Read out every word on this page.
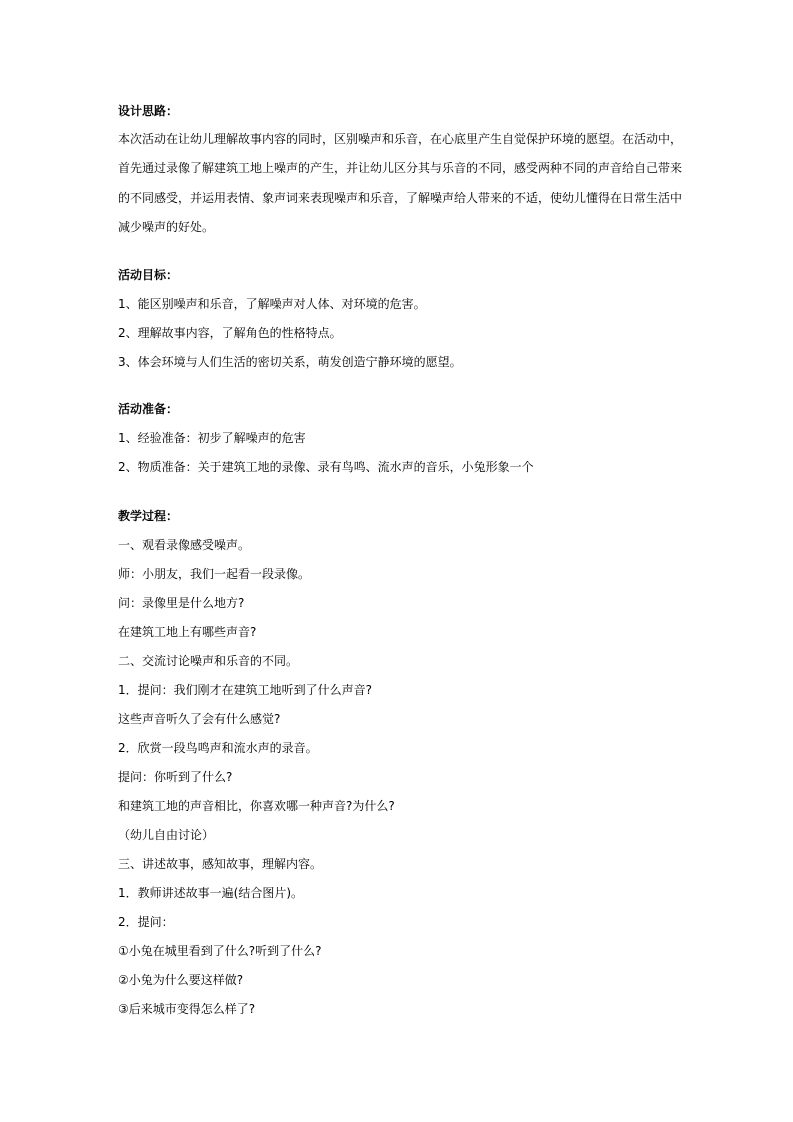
设计思路：
本次活动在让幼儿理解故事内容的同时，区别噪声和乐音，在心底里产生自觉保护环境的愿望。在活动中，首先通过录像了解建筑工地上噪声的产生，并让幼儿区分其与乐音的不同，感受两种不同的声音给自己带来的不同感受，并运用表情、象声词来表现噪声和乐音，了解噪声给人带来的不适，使幼儿懂得在日常生活中减少噪声的好处。
活动目标：
1、能区别噪声和乐音，了解噪声对人体、对环境的危害。
2、理解故事内容，了解角色的性格特点。
3、体会环境与人们生活的密切关系，萌发创造宁静环境的愿望。
活动准备：
1、经验准备：初步了解噪声的危害
2、物质准备：关于建筑工地的录像、录有鸟鸣、流水声的音乐，小兔形象一个
教学过程：
一、观看录像感受噪声。
师：小朋友，我们一起看一段录像。
问：录像里是什么地方?
在建筑工地上有哪些声音?
二、交流讨论噪声和乐音的不同。
1．提问：我们刚才在建筑工地听到了什么声音?
这些声音听久了会有什么感觉?
2．欣赏一段鸟鸣声和流水声的录音。
提问：你听到了什么?
和建筑工地的声音相比，你喜欢哪一种声音?为什么?
（幼儿自由讨论）
三、讲述故事，感知故事，理解内容。
1．教师讲述故事一遍(结合图片)。
2．提问：
①小兔在城里看到了什么?听到了什么?
②小兔为什么要这样做?
③后来城市变得怎么样了?
